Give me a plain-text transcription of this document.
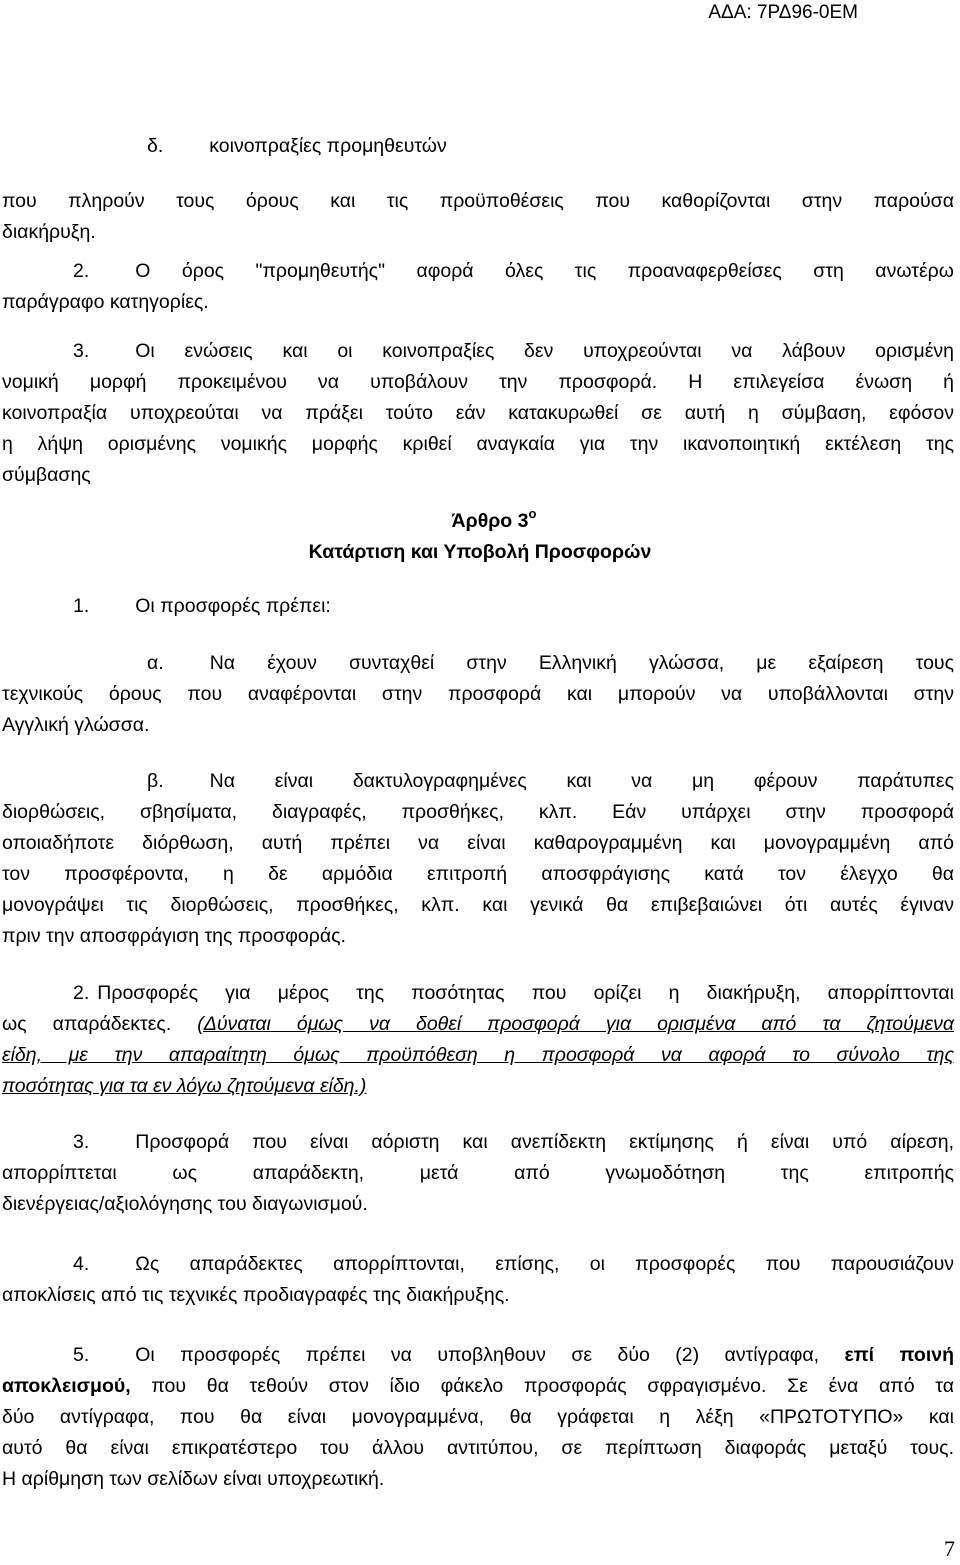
ΑΔΑ: 7ΡΔ96-0ΕΜ
δ. κοινοπραξίες προμηθευτών
που πληρούν τους όρους και τις προϋποθέσεις που καθορίζονται στην παρούσα
διακήρυξη.
2. Ο όρος "προμηθευτής" αφορά όλες τις προαναφερθείσες στη ανωτέρω
παράγραφο κατηγορίες.
3. Οι ενώσεις και οι κοινοπραξίες δεν υποχρεούνται να λάβουν ορισμένη
νομική μορφή προκειμένου να υποβάλουν την προσφορά. Η επιλεγείσα ένωση ή
κοινοπραξία υποχρεούται να πράξει τούτο εάν κατακυρωθεί σε αυτή η σύμβαση, εφόσον
η λήψη ορισμένης νομικής μορφής κριθεί αναγκαία για την ικανοποιητική εκτέλεση της
σύμβασης
Άρθρο $3^o$
Κατάρτιση και Υποβολή Προσφορών
1. Οι προσφορές πρέπει:
α. Να έχουν συνταχθεί στην Ελληνική γλώσσα, με εξαίρεση τους
τεχνικούς όρους που αναφέρονται στην προσφορά και μπορούν να υποβάλλονται στην
Αγγλική γλώσσα.
β. Να είναι δακτυλογραφημένες και να μη φέρουν παράτυπες
διορθώσεις, σβησίματα, διαγραφές, προσθήκες, κλπ. Εάν υπάρχει στην προσφορά
οποιαδήποτε διόρθωση, αυτή πρέπει να είναι καθαρογραμμένη και μονογραμμένη από
τον προσφέροντα, η δε αρμόδια επιτροπή αποσφράγισης κατά τον έλεγχο θα
μονογράψει τις διορθώσεις, προσθήκες, κλπ. και γενικά θα επιβεβαιώνει ότι αυτές έγιναν
πριν την αποσφράγιση της προσφοράς.
2. Προσφορές για μέρος της ποσότητας που ορίζει η διακήρυξη, απορρίπτονται
ως απαράδεκτες. (Δύναται όμως να δοθεί προσφορά για ορισμένα από τα ζητούμενα
είδη, με την απαραίτητη όμως προϋπόθεση η προσφορά να αφορά το σύνολο της
ποσότητας για τα εν λόγω ζητούμενα είδη.)
3. Προσφορά που είναι αόριστη και ανεπίδεκτη εκτίμησης ή είναι υπό αίρεση,
απορρίπτεται ως απαράδεκτη, μετά από γνωμοδότηση της επιτροπής
διενέργειας/αξιολόγησης του διαγωνισμού.
4. Ως απαράδεκτες απορρίπτονται, επίσης, οι προσφορές που παρουσιάζουν
αποκλίσεις από τις τεχνικές προδιαγραφές της διακήρυξης.
5. Οι προσφορές πρέπει να υποβληθουν σε δύο (2) αντίγραφα, επί ποινή
αποκλεισμού, που θα τεθούν στον ίδιο φάκελο προσφοράς σφραγισμένο. Σε ένα από τα
δύο αντίγραφα, που θα είναι μονογραμμένα, θα γράφεται η λέξη «ΠΡΩΤΟΤΥΠΟ» και
αυτό θα είναι επικρατέστερο του άλλου αντιτύπου, σε περίπτωση διαφοράς μεταξύ τους.
Η αρίθμηση των σελίδων είναι υποχρεωτική.
7
